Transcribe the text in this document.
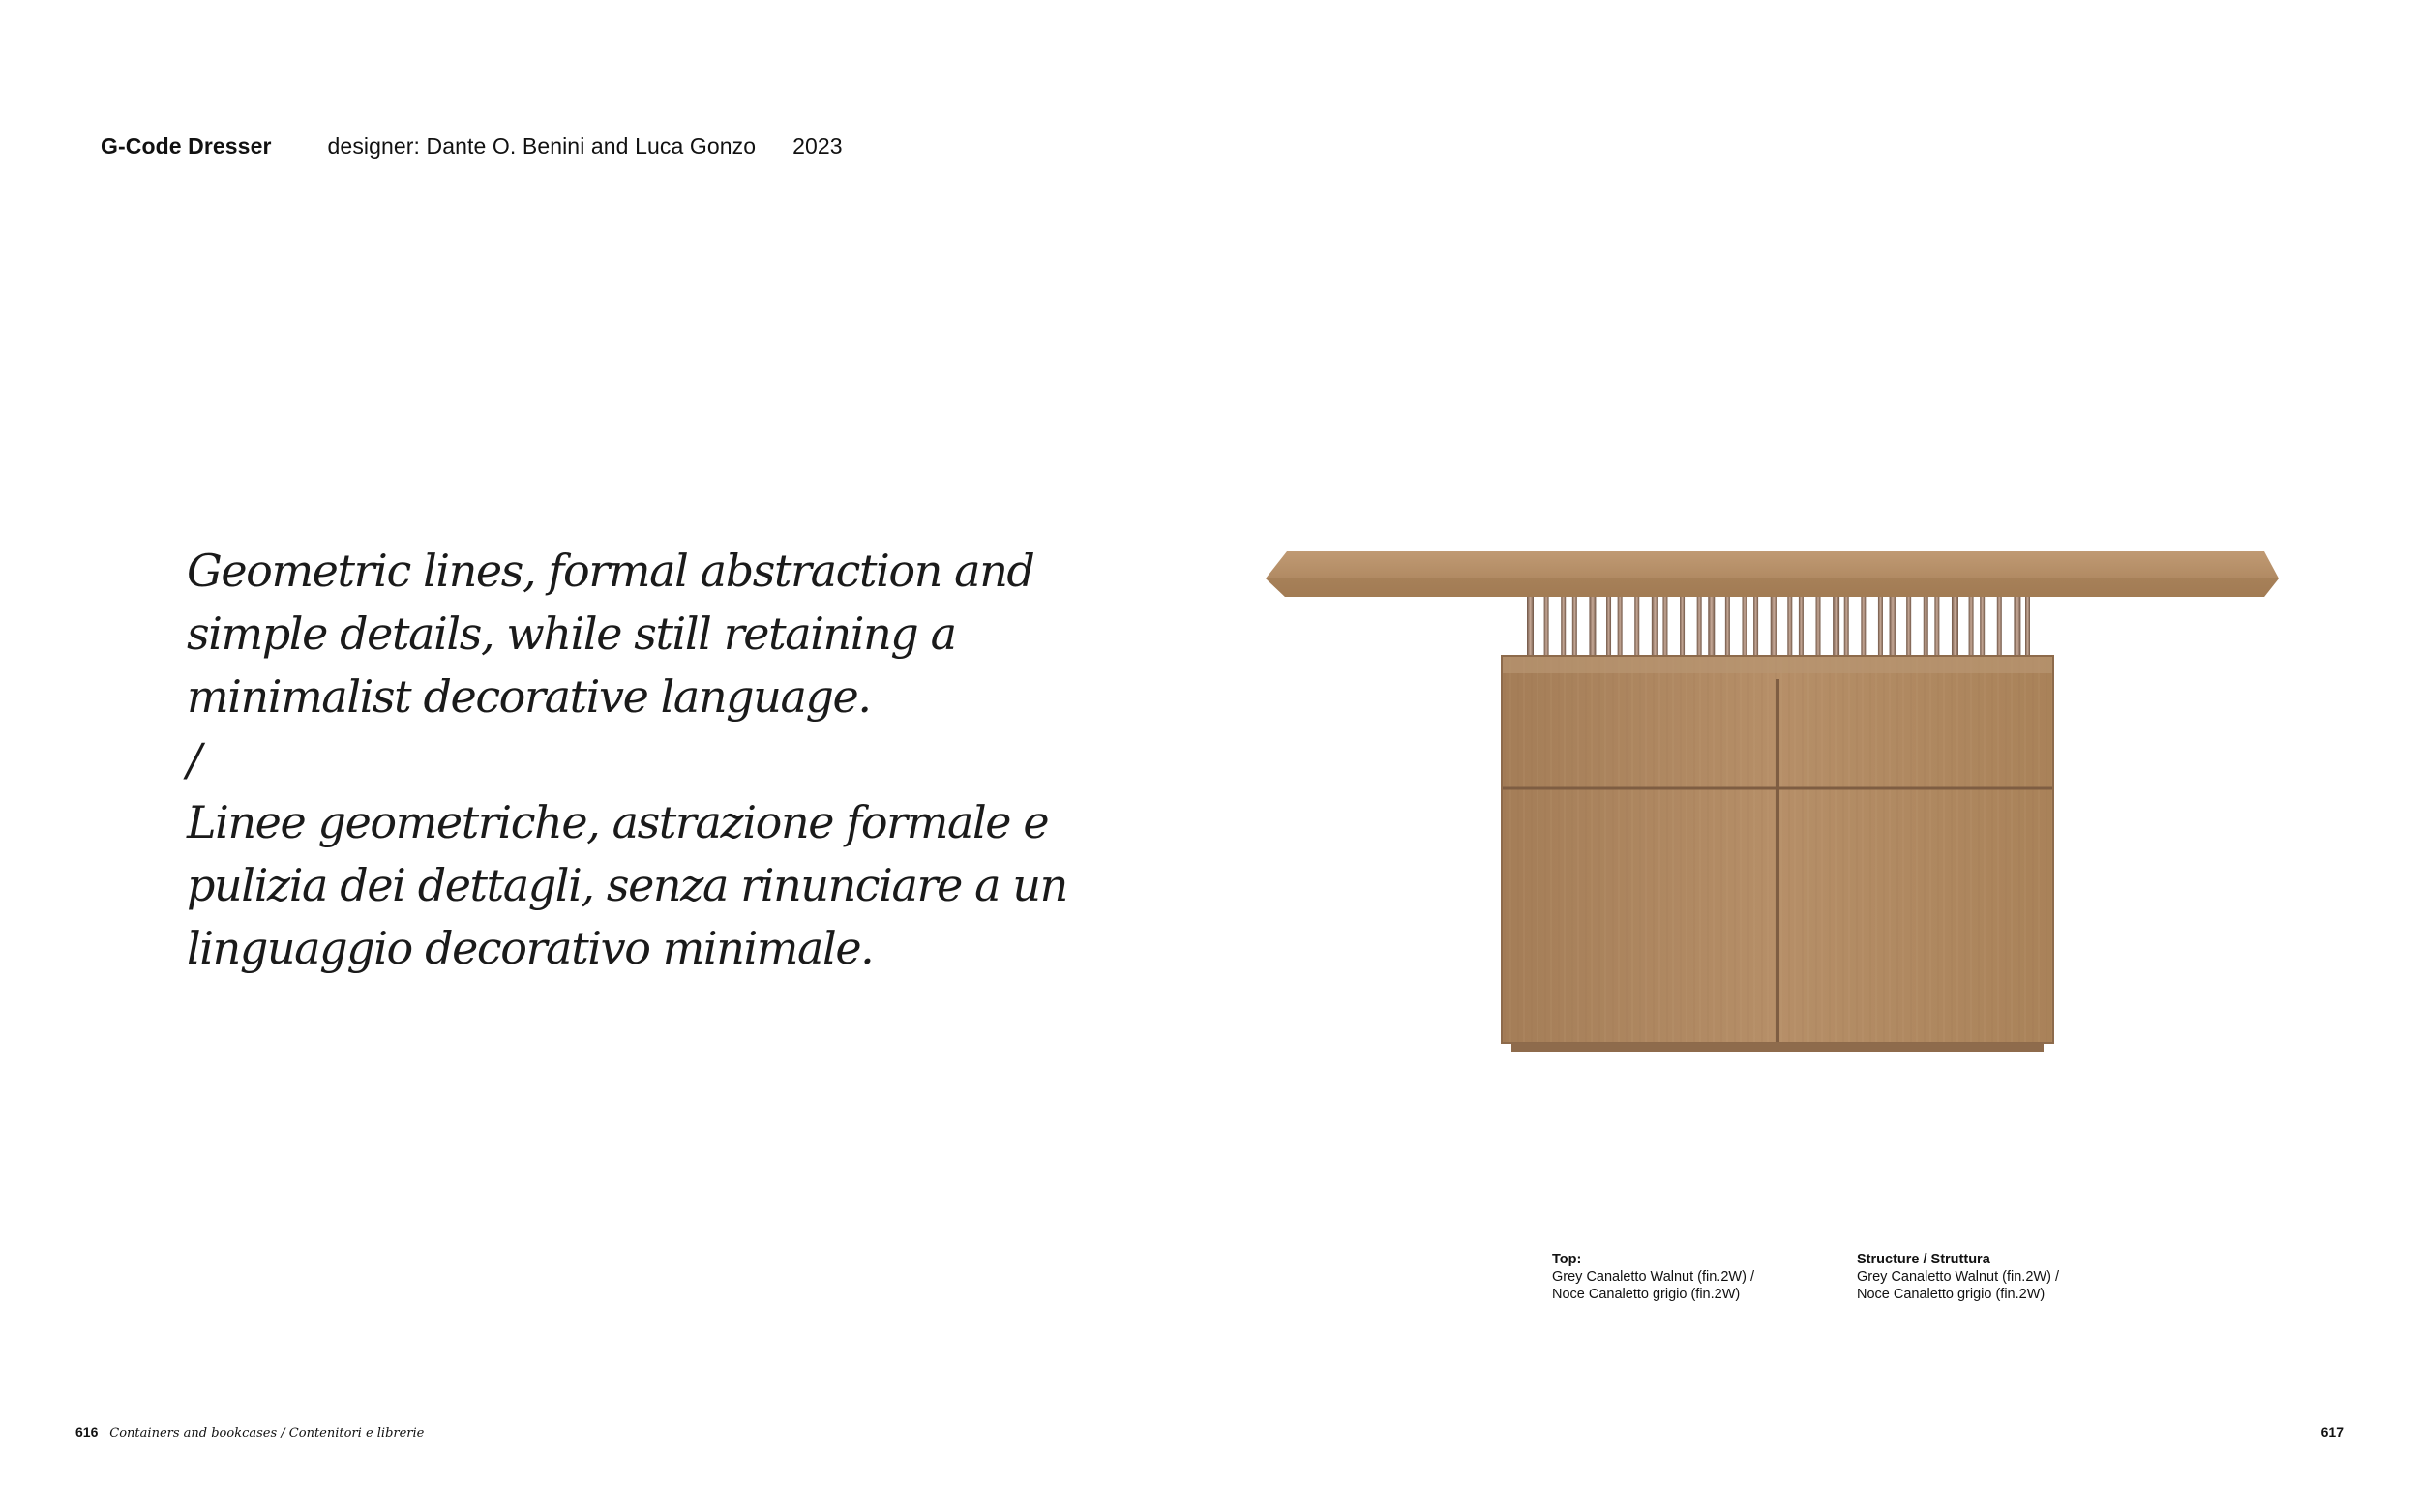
G-Code Dresser	designer: Dante O. Benini and Luca Gonzo 2023

Geometric lines, formal abstraction and
simple details, while still retaining a
minimalist decorative language.
/
Linee geometriche, astrazione formale e
pulizia dei dettagli, senza rinunciare a un
linguaggio decorativo minimale.

Top:
Grey Canaletto Walnut (fin.2W) /
Noce Canaletto grigio (fin.2W)
Structure / Struttura
Grey Canaletto Walnut (fin.2W) /
Noce Canaletto grigio (fin.2W)
616_ Containers and bookcases / Contenitori e librerie	617
